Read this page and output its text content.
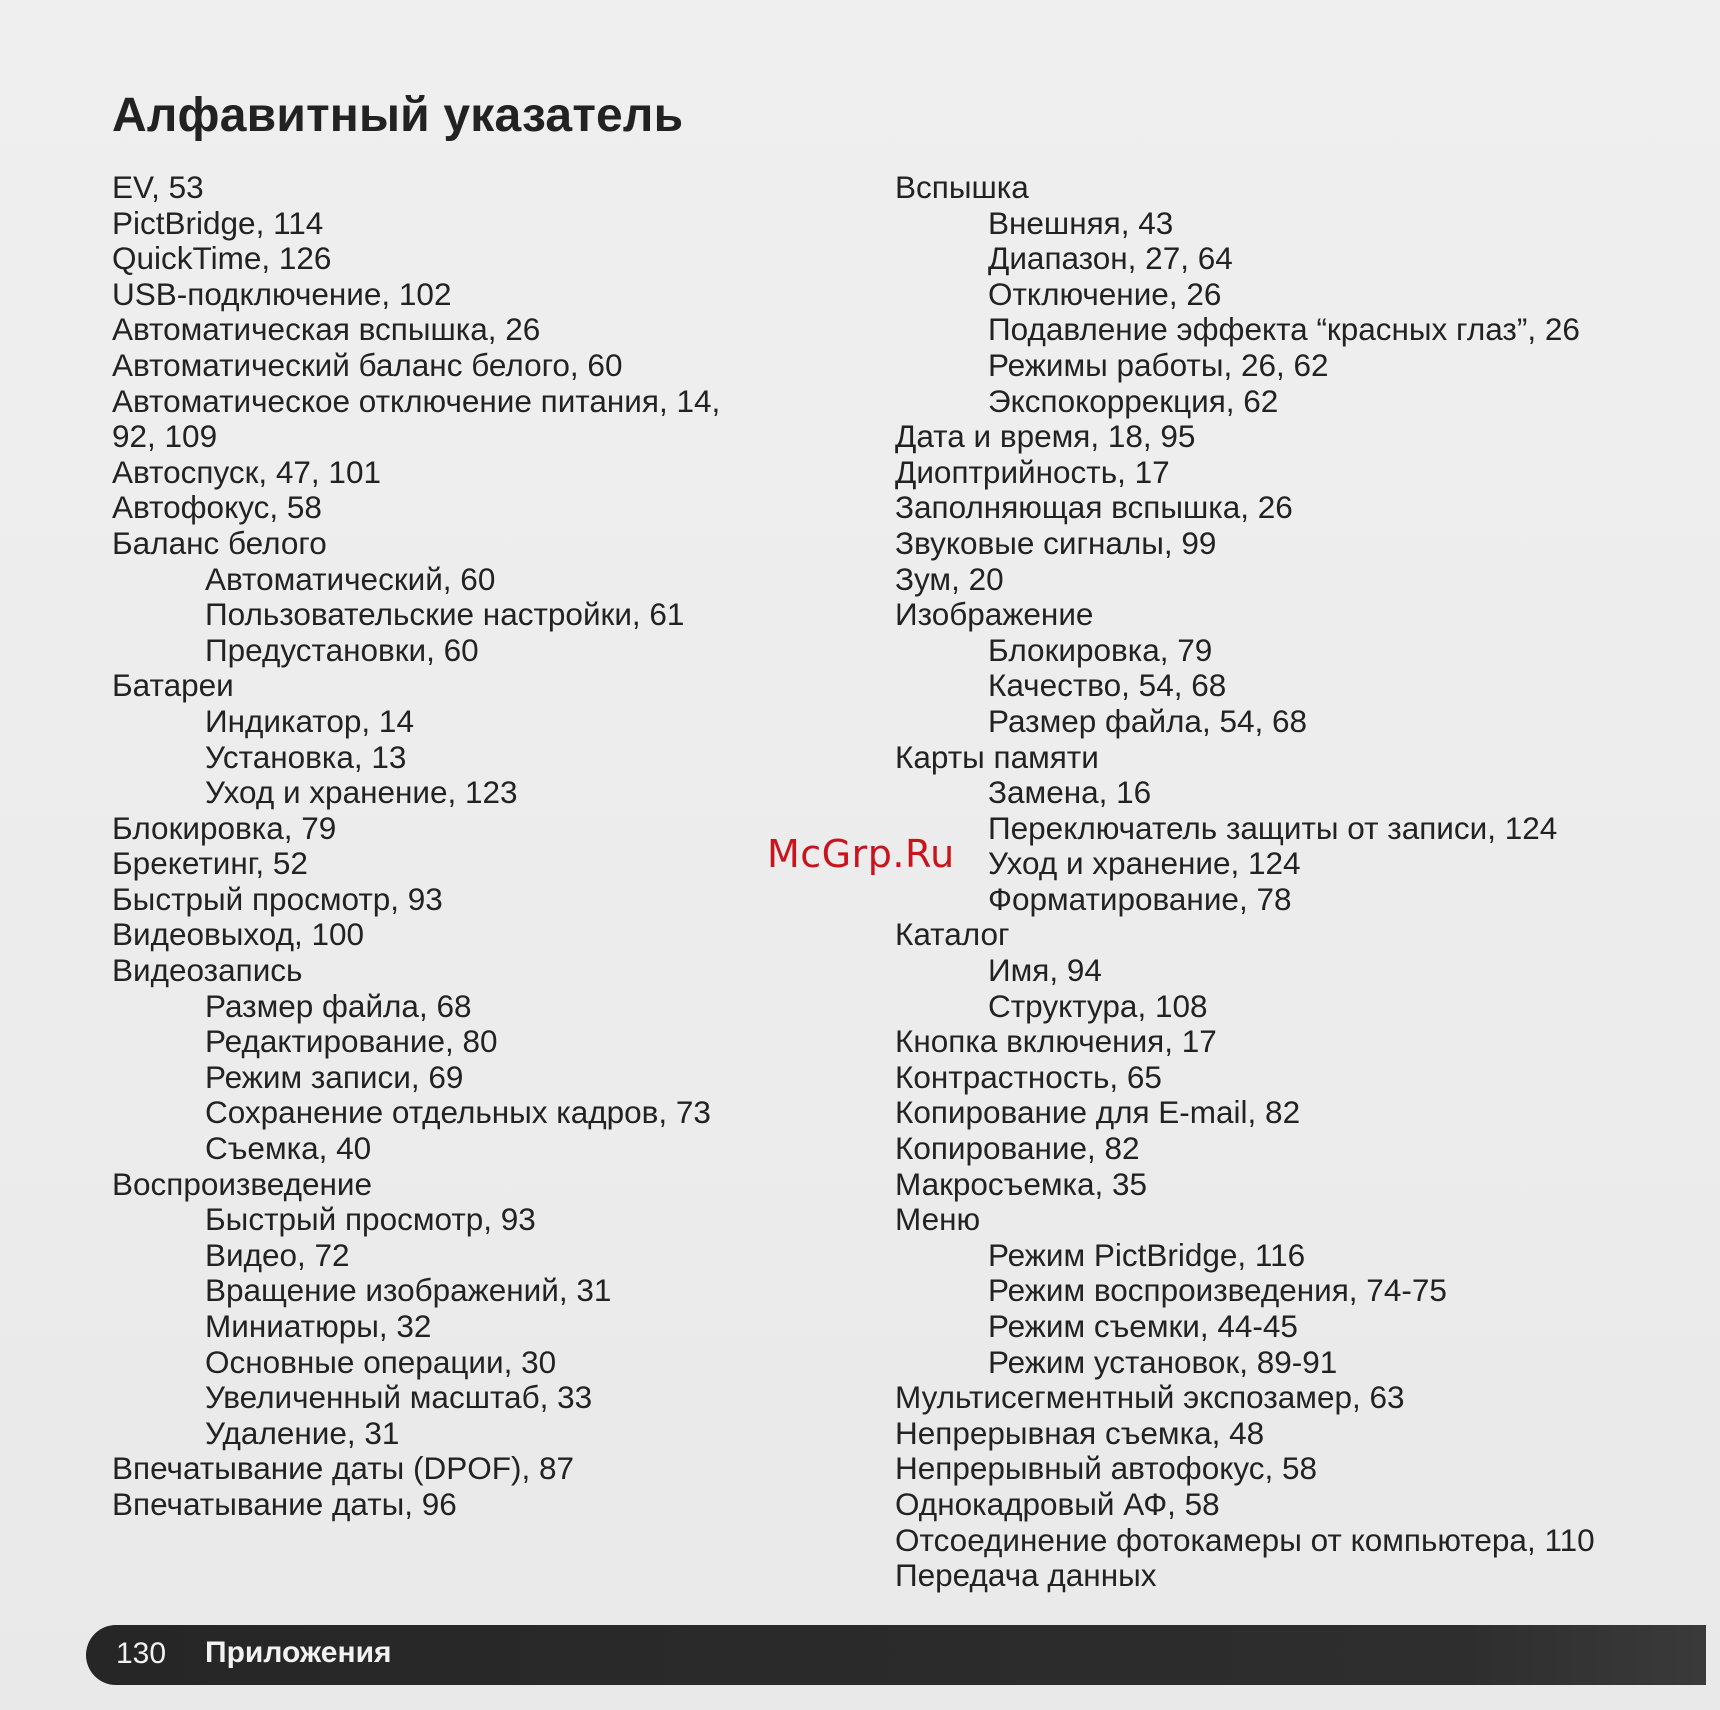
Алфавитный указатель
EV, 53
PictBridge, 114
QuickTime, 126
USB-подключение, 102
Автоматическая вспышка, 26
Автоматический баланс белого, 60
Автоматическое отключение питания, 14,
92, 109
Автоспуск, 47, 101
Автофокус, 58
Баланс белого
Автоматический, 60
Пользовательские настройки, 61
Предустановки, 60
Батареи
Индикатор, 14
Установка, 13
Уход и хранение, 123
Блокировка, 79
Брекетинг, 52
Быстрый просмотр, 93
Видеовыход, 100
Видеозапись
Размер файла, 68
Редактирование, 80
Режим записи, 69
Сохранение отдельных кадров, 73
Съемка, 40
Воспроизведение
Быстрый просмотр, 93
Видео, 72
Вращение изображений, 31
Миниатюры, 32
Основные операции, 30
Увеличенный масштаб, 33
Удаление, 31
Впечатывание даты (DPOF), 87
Впечатывание даты, 96
Вспышка
Внешняя, 43
Диапазон, 27, 64
Отключение, 26
Подавление эффекта “красных глаз”, 26
Режимы работы, 26, 62
Экспокоррекция, 62
Дата и время, 18, 95
Диоптрийность, 17
Заполняющая вспышка, 26
Звуковые сигналы, 99
Зум, 20
Изображение
Блокировка, 79
Качество, 54, 68
Размер файла, 54, 68
Карты памяти
Замена, 16
Переключатель защиты от записи, 124
Уход и хранение, 124
Форматирование, 78
Каталог
Имя, 94
Структура, 108
Кнопка включения, 17
Контрастность, 65
Копирование для E-mail, 82
Копирование, 82
Макросъемка, 35
Меню
Режим PictBridge, 116
Режим воспроизведения, 74-75
Режим съемки, 44-45
Режим установок, 89-91
Мультисегментный экспозамер, 63
Непрерывная съемка, 48
Непрерывный автофокус, 58
Однокадровый АФ, 58
Отсоединение фотокамеры от компьютера, 110
Передача данных
McGrp.Ru
130 Приложения
